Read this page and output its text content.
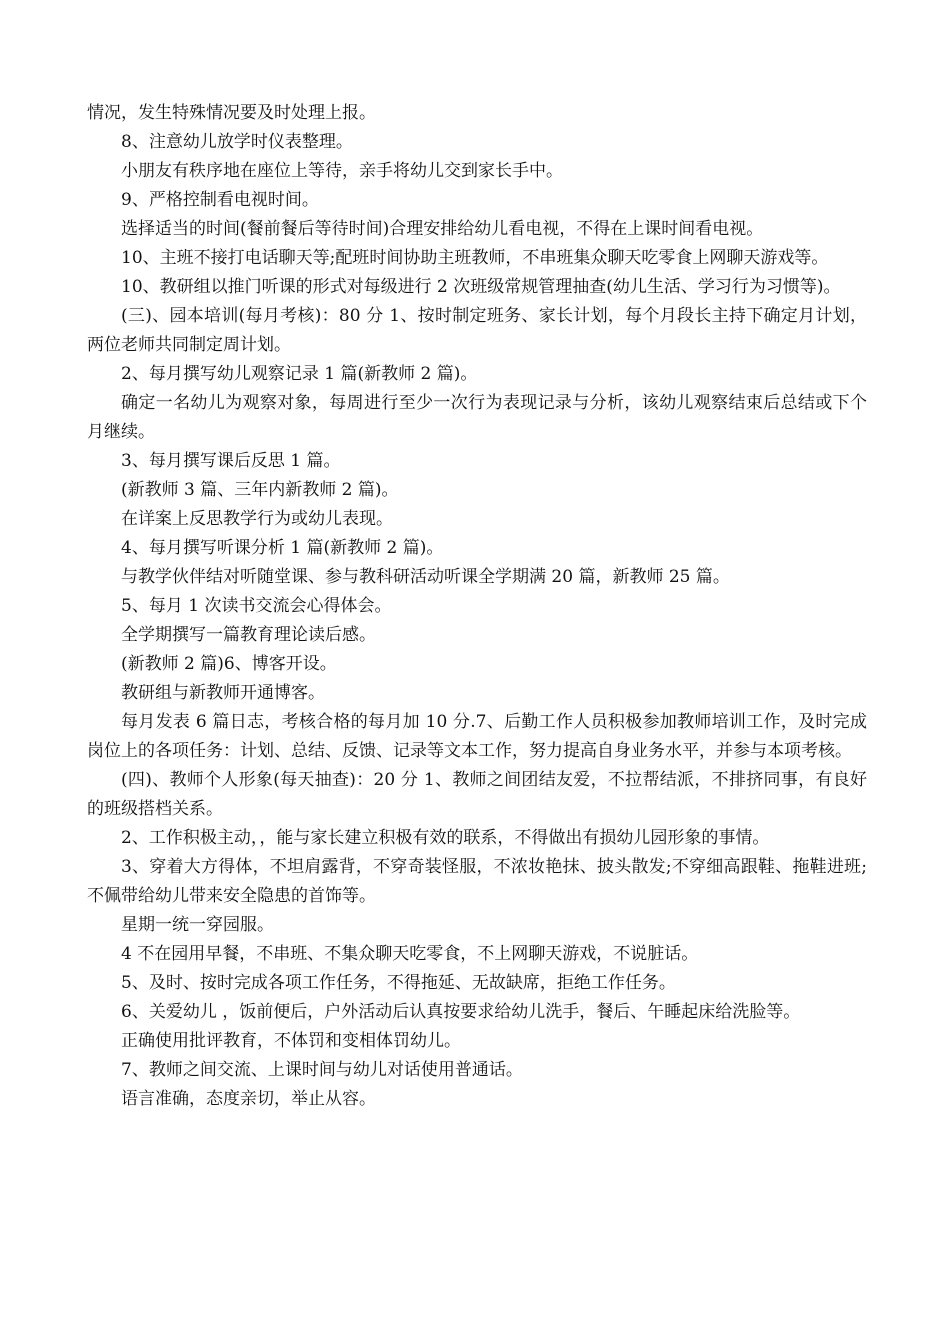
情况，发生特殊情况要及时处理上报。

8、注意幼儿放学时仪表整理。

小朋友有秩序地在座位上等待，亲手将幼儿交到家长手中。

9、严格控制看电视时间。

选择适当的时间(餐前餐后等待时间)合理安排给幼儿看电视，不得在上课时间看电视。

10、主班不接打电话聊天等;配班时间协助主班教师，不串班集众聊天吃零食上网聊天游戏等。

10、教研组以推门听课的形式对每级进行 2 次班级常规管理抽查(幼儿生活、学习行为习惯等)。

(三)、园本培训(每月考核)：80 分 1、按时制定班务、家长计划，每个月段长主持下确定月计划，两位老师共同制定周计划。

2、每月撰写幼儿观察记录 1 篇(新教师 2 篇)。

确定一名幼儿为观察对象，每周进行至少一次行为表现记录与分析，该幼儿观察结束后总结或下个月继续。

3、每月撰写课后反思 1 篇。

(新教师 3 篇、三年内新教师 2 篇)。

在详案上反思教学行为或幼儿表现。

4、每月撰写听课分析 1 篇(新教师 2 篇)。

与教学伙伴结对听随堂课、参与教科研活动听课全学期满 20 篇，新教师 25 篇。

5、每月 1 次读书交流会心得体会。

全学期撰写一篇教育理论读后感。

(新教师 2 篇)6、博客开设。

教研组与新教师开通博客。

每月发表 6 篇日志，考核合格的每月加 10 分.7、后勤工作人员积极参加教师培训工作，及时完成岗位上的各项任务：计划、总结、反馈、记录等文本工作，努力提高自身业务水平，并参与本项考核。

(四)、教师个人形象(每天抽查)：20 分 1、教师之间团结友爱，不拉帮结派，不排挤同事，有良好的班级搭档关系。

2、工作积极主动，，能与家长建立积极有效的联系，不得做出有损幼儿园形象的事情。

3、穿着大方得体，不坦肩露背，不穿奇装怪服，不浓妆艳抹、披头散发;不穿细高跟鞋、拖鞋进班;不佩带给幼儿带来安全隐患的首饰等。

星期一统一穿园服。

4 不在园用早餐，不串班、不集众聊天吃零食，不上网聊天游戏，不说脏话。

5、及时、按时完成各项工作任务，不得拖延、无故缺席，拒绝工作任务。

6、关爱幼儿 ，饭前便后，户外活动后认真按要求给幼儿洗手，餐后、午睡起床给洗脸等。

正确使用批评教育，不体罚和变相体罚幼儿。

7、教师之间交流、上课时间与幼儿对话使用普通话。

语言准确，态度亲切，举止从容。
